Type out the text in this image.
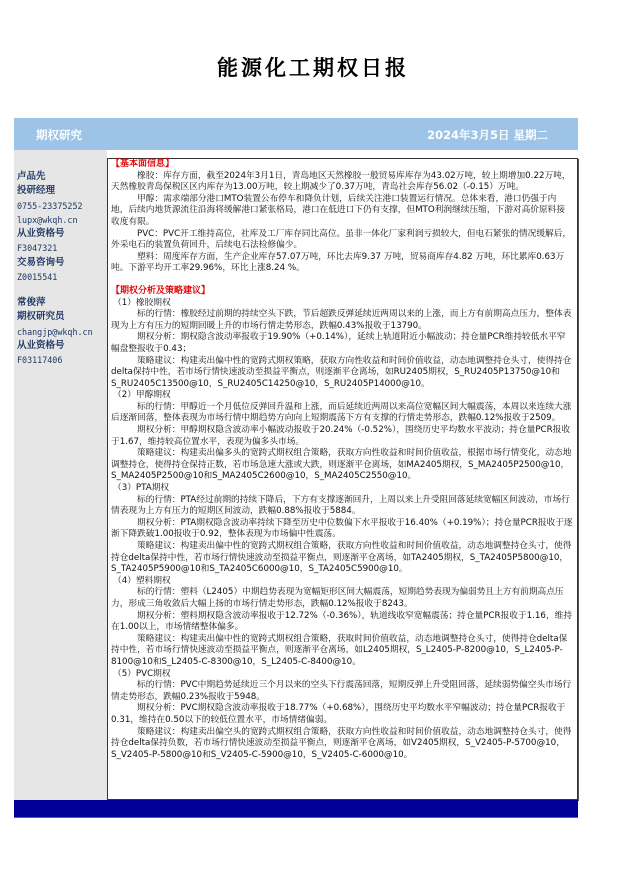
能源化工期权日报
期权研究	2024年3月5日 星期二
卢品先
投研经理
0755-23375252
lupx@wkqh.cn
从业资格号
F3047321
交易咨询号
Z0015541
常俊萍
期权研究员
changjp@wkqh.cn
从业资格号
F03117406
【基本面信息】

橡胶：库存方面，截至2024年3月1日，青岛地区天然橡胶一般贸易库库存为43.02万吨，较上期增加0.22万吨，天然橡胶青岛保税区区内库存为13.00万吨，较上期减少了0.37万吨，青岛社会库存56.02（-0.15）万吨。

甲醇：需求端部分港口MTO装置公布停车和降负计划，后续关注港口装置运行情况。总体来看，港口仍强于内地，后续内地货源流往沿海将缓解港口紧张格局，港口在低进口下仍有支撑，但MTO利润继续压缩，下游对高价原料接收度有限。

PVC：PVC开工维持高位，社库及工厂库存同比高位。虽非一体化厂家利润亏损较大，但电石紧张的情况缓解后，外采电石的装置负荷回升，后续电石法检修偏少。

塑料：周度库存方面，生产企业库存57.07万吨，环比去库9.37 万吨，贸易商库存4.82 万吨，环比累库0.63万吨。下游平均开工率29.96%，环比上涨8.24 %。

【期权分析及策略建议】
（1）橡胶期权

标的行情：橡胶经过前期的持续空头下跌，节后超跌反弹延续近两周以来的上涨，而上方有前期高点压力，整体表现为上方有压力的短期回暖上升的市场行情走势形态，跌幅0.43%报收于13790。

期权分析：期权隐含波动率报收于19.90%（+0.14%），延续上轨道附近小幅波动；持仓量PCR维持较低水平窄幅盘整报收于0.43；

策略建议：构建卖出偏中性的宽跨式期权策略，获取方向性收益和时间价值收益，动态地调整持仓头寸，使得持仓delta保持中性，若市场行情快速波动至损益平衡点，则逐渐平仓离场，如RU2405期权，S_RU2405P13750@10和S_RU2405C13500@10，S_RU2405C14250@10，S_RU2405P14000@10。

（2）甲醇期权

标的行情：甲醇近一个月低位反弹回升温和上涨，而后延续近两周以来高位宽幅区间大幅震荡，本周以来连续大涨后逐渐回落，整体表现为市场行情中期趋势方向向上短期震荡下方有支撑的行情走势形态，跌幅0.12%报收于2509。

期权分析：甲醇期权隐含波动率小幅波动报收于20.24%（-0.52%），围绕历史平均数水平波动；持仓量PCR报收于1.67，维持较高位置水平，表现为偏多头市场。

策略建议：构建卖出偏多头的宽跨式期权组合策略，获取方向性收益和时间价值收益，根据市场行情变化，动态地调整持仓，使得持仓保持正数，若市场急速大涨或大跌，则逐渐平仓离场，如MA2405期权，S_MA2405P2500@10，S_MA2405P2500@10和S_MA2405C2600@10，S_MA2405C2550@10。

（3）PTA期权

标的行情：PTA经过前期的持续下降后，下方有支撑逐渐回升，上周以来上升受阻回落延续宽幅区间波动，市场行情表现为上方有压力的短期区间波动，跌幅0.88%报收于5884。

期权分析：PTA期权隐含波动率持续下降至历史中位数偏下水平报收于16.40%（+0.19%）；持仓量PCR报收于逐渐下降跌破1.00报收于0.92，整体表现为市场偏中性震荡。

策略建议：构建卖出偏中性的宽跨式期权组合策略，获取方向性收益和时间价值收益，动态地调整持仓头寸，使得持仓delta保持中性，若市场行情快速波动至损益平衡点，则逐渐平仓离场，如TA2405期权，S_TA2405P5800@10，S_TA2405P5900@10和S_TA2405C6000@10，S_TA2405C5900@10。

（4）塑料期权

标的行情：塑料（L2405）中期趋势表现为宽幅矩形区间大幅震荡，短期趋势表现为偏弱势且上方有前期高点压力，形成三角收敛后大幅上扬的市场行情走势形态，跌幅0.12%报收于8243。

期权分析：塑料期权隐含波动率报收于12.72%（-0.36%），轨道线收窄宽幅震荡；持仓量PCR报收于1.16，维持在1.00以上，市场情绪整体偏多。

策略建议：构建卖出偏中性的宽跨式期权组合策略，获取时间价值收益，动态地调整持仓头寸，使得持仓delta保持中性，若市场行情快速波动至损益平衡点，则逐渐平仓离场，如L2405期权，S_L2405-P-8200@10，S_L2405-P-8100@10和S_L2405-C-8300@10，S_L2405-C-8400@10。

（5）PVC期权

标的行情：PVC中期趋势延续近三个月以来的空头下行震荡回落，短期反弹上升受阻回落，延续弱势偏空头市场行情走势形态，跌幅0.23%报收于5948。

期权分析：PVC期权隐含波动率报收于18.77%（+0.68%），围绕历史平均数水平窄幅波动；持仓量PCR报收于0.31，维持在0.50以下的较低位置水平，市场情绪偏弱。

策略建议：构建卖出偏空头的宽跨式期权组合策略，获取方向性收益和时间价值收益，动态地调整持仓头寸，使得持仓delta保持负数，若市场行情快速波动至损益平衡点，则逐渐平仓离场，如V2405期权，S_V2405-P-5700@10，S_V2405-P-5800@10和S_V2405-C-5900@10，S_V2405-C-6000@10。
